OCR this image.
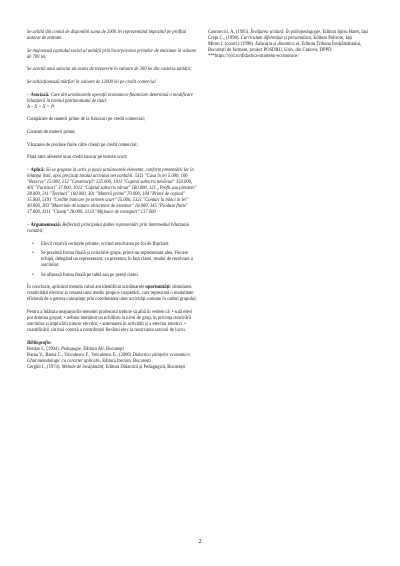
Se achită din contul de disponibil suma de 2000 lei reprezentând impozitul pe profitul datorat de entitate.

Se majorează capitalul social al unității prin încorporarea primelor de emisiune în valoare de 700 lei;

Se acordă unui salariat un avans de trezorerie în valoare de 300 lei din casieria unității;

Se achiziționează mărfuri în valoare de 12000 lei pe credit comercial.

– Asociază: Care din următoarele operații economico-financiare determină o modificare bilanțieră în nivelul patrimoniului de tipul:
A – X + X = P:

Cumpărare de materii prime de la furnizori pe credit comercial;

Consum de materii prime;

Vânzarea de produse finite către clienți pe credit comercial;

Plata ratei aferente unui credit bancar pe termen scurt;

– Aplică: Să se grupeze în activ și pasiv următoarele elemente, conform prezentării lor în bilanțul listă, apoi precizați totalul activului net contabil. 5311 "Casa în lei 5.000, 106 "Rezerve" 15.000, 212 "Construcții" 125.000, 1011 "Capital subscris nevărsat" 350.000, 401 "Furnizori" 17.000, 1012 "Capital subscris vărsat" 160.000, 121 „Profit sau pierdere" 28.000, 211 "Terenuri" 160.000, 301 "Materii prime" 70.000, 104 "Prime de capital" 15.000, 5191 "Credite bancare pe termen scurt" 25.000, 5121 "Conturi la bănci în lei" 40.000, 303 "Materiale de natura obiectelor de inventar" 18.000, 345 "Produse finite" 17.000, 4111 "Clienți" 28.000, 2133 "Mijloace de transport" 137.000

– Argumentează: Reflectați principalul dublei reprezentări prin intermediul bilanțului contabil;

• Elevii rezolvă cerințele primite, scriind rezolvarea pe foi de flipchart.
• Se prezintă forma finală și colorările grupe, printr-un reprezentant alea. Fiecare echipă, delegând un reprezentant, va prezenta, în fața clasei, modul de rezolvare a sarcinilor.
• Se afișează forma finală pe tablă sau pe pereți clasei.

În concluzie, aplicând metoda cubul am identificat următoarele oportunități: stimularea creativității elevilor și crearea unui mediu propice cooperării, care reprezintă o modalitate eficientă de a genera cunoștințe prin coordonarea unor activități comune în cadrul grupului;

Pentru a înlătura neajunsurile metodei profesorul trebuie să aibă în vedere că: • sută elevi pot domina grupul; • trebuie menținut un echilibru la nivel de grup, în privința rezolvării sarcinilor și implicării tuturor elevilor; • antrenarea în activități și a elevilor emotivi. • cuantificării cât mai corectă a contribuției fiecărui elev la rezolvarea sarcinii de lucru.

Bibliografie:

Bontas J., (1994). Pedagogie, Editura All, București

Barna V., Barna C., Voiculescu F., Voiculescu E., (2006) Didactica științelor economice, Ghid metodologic cu caracter aplicativ, Editura Irecson, București

Cerghit I., (1974). Metode de învățământ, Editura Didactică și Pedagogică, București

Cosmovici, A. (1995). Învățarea școlară. În psihopedagogie, Editura Spiru Haret, Iași

Crețu C., (1998). Curriculum diferențiat și personalizat, Editura Polirom, Iași

Miron I. (coord.) (1998). Educația și dinamica ei, Editura Tribuna Învățământului, București de formare, proiect POSDRU, Univ. din Craiova, DPPD ***https://cyd.ro/didactica-stiintelor-economice/

2
